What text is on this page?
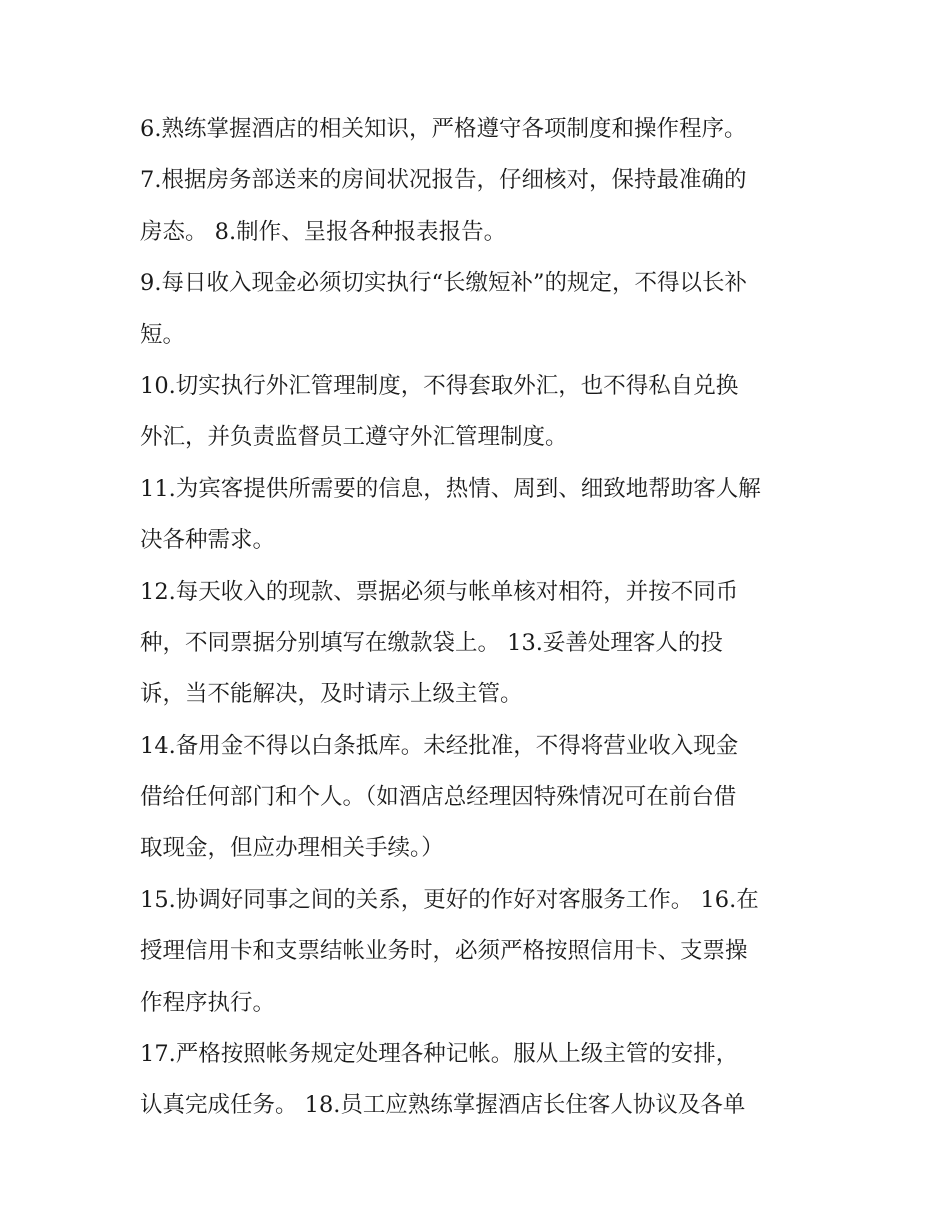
6.熟练掌握酒店的相关知识，严格遵守各项制度和操作程序。
7.根据房务部送来的房间状况报告，仔细核对，保持最准确的
房态。 8.制作、呈报各种报表报告。
9.每日收入现金必须切实执行“长缴短补”的规定，不得以长补
短。
10.切实执行外汇管理制度，不得套取外汇，也不得私自兑换
外汇，并负责监督员工遵守外汇管理制度。
11.为宾客提供所需要的信息，热情、周到、细致地帮助客人解
决各种需求。
12.每天收入的现款、票据必须与帐单核对相符，并按不同币
种，不同票据分别填写在缴款袋上。 13.妥善处理客人的投
诉，当不能解决，及时请示上级主管。
14.备用金不得以白条抵库。未经批准，不得将营业收入现金
借给任何部门和个人。（如酒店总经理因特殊情况可在前台借
取现金，但应办理相关手续。）
15.协调好同事之间的关系，更好的作好对客服务工作。 16.在
授理信用卡和支票结帐业务时，必须严格按照信用卡、支票操
作程序执行。
17.严格按照帐务规定处理各种记帐。服从上级主管的安排，
认真完成任务。 18.员工应熟练掌握酒店长住客人协议及各单
